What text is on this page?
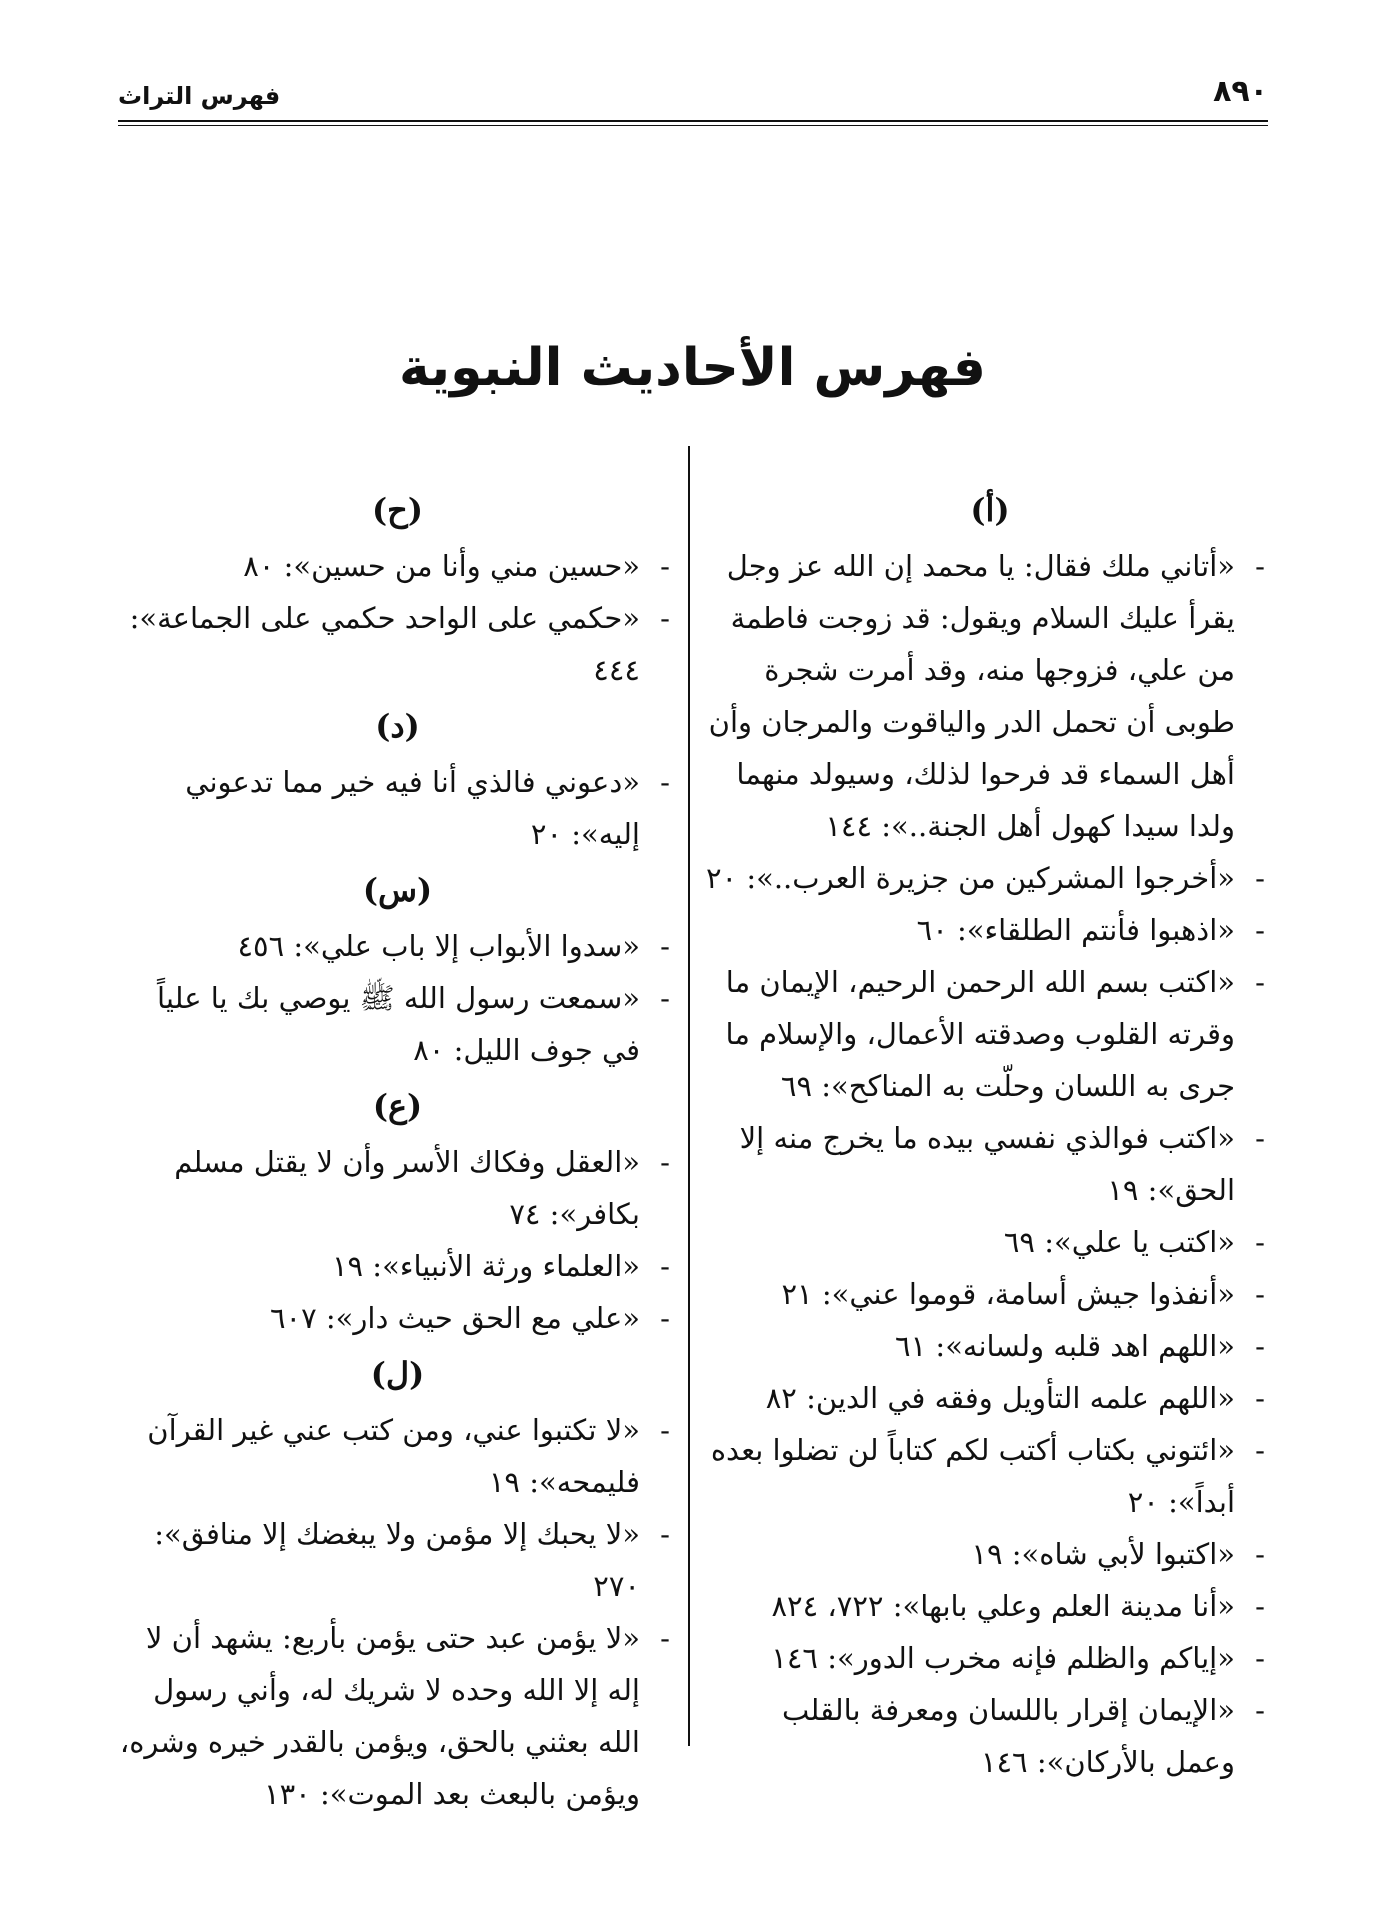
٨٩٠
فهرس التراث
فهرس الأحاديث النبوية
(أ)
-
«أتاني ملك فقال: يا محمد إن الله عز وجل يقرأ عليك السلام ويقول: قد زوجت فاطمة من علي، فزوجها منه، وقد أمرت شجرة طوبى أن تحمل الدر والياقوت والمرجان وأن أهل السماء قد فرحوا لذلك، وسيولد منهما ولدا سيدا كهول أهل الجنة..»: ١٤٤
-
«أخرجوا المشركين من جزيرة العرب..»: ٢٠
-
«اذهبوا فأنتم الطلقاء»: ٦٠
-
«اكتب بسم الله الرحمن الرحيم، الإيمان ما وقرته القلوب وصدقته الأعمال، والإسلام ما جرى به اللسان وحلّت به المناكح»: ٦٩
-
«اكتب فوالذي نفسي بيده ما يخرج منه إلا الحق»: ١٩
-
«اكتب يا علي»: ٦٩
-
«أنفذوا جيش أسامة، قوموا عني»: ٢١
-
«اللهم اهد قلبه ولسانه»: ٦١
-
«اللهم علمه التأويل وفقه في الدين: ٨٢
-
«ائتوني بكتاب أكتب لكم كتاباً لن تضلوا بعده أبداً»: ٢٠
-
«اكتبوا لأبي شاه»: ١٩
-
«أنا مدينة العلم وعلي بابها»: ٧٢٢، ٨٢٤
-
«إياكم والظلم فإنه مخرب الدور»: ١٤٦
-
«الإيمان إقرار باللسان ومعرفة بالقلب وعمل بالأركان»: ١٤٦
(ح)
-
«حسين مني وأنا من حسين»: ٨٠
-
«حكمي على الواحد حكمي على الجماعة»: ٤٤٤
(د)
-
«دعوني فالذي أنا فيه خير مما تدعوني إليه»: ٢٠
(س)
-
«سدوا الأبواب إلا باب علي»: ٤٥٦
-
«سمعت رسول الله ﷺ يوصي بك يا علياً في جوف الليل: ٨٠
(ع)
-
«العقل وفكاك الأسر وأن لا يقتل مسلم بكافر»: ٧٤
-
«العلماء ورثة الأنبياء»: ١٩
-
«علي مع الحق حيث دار»: ٦٠٧
(ل)
-
«لا تكتبوا عني، ومن كتب عني غير القرآن فليمحه»: ١٩
-
«لا يحبك إلا مؤمن ولا يبغضك إلا منافق»: ٢٧٠
-
«لا يؤمن عبد حتى يؤمن بأربع: يشهد أن لا إله إلا الله وحده لا شريك له، وأني رسول الله بعثني بالحق، ويؤمن بالقدر خيره وشره، ويؤمن بالبعث بعد الموت»: ١٣٠
